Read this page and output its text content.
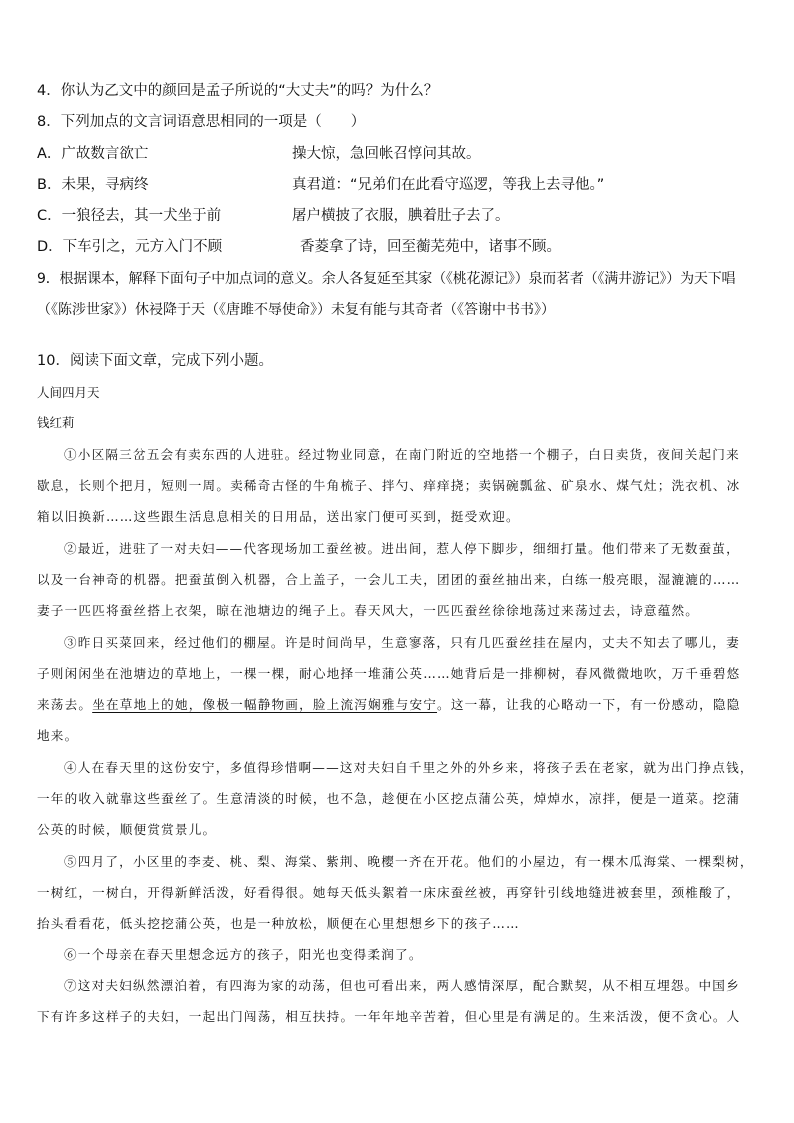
4．你认为乙文中的颜回是孟子所说的“大丈夫”的吗？为什么？
8．下列加点的文言词语意思相同的一项是（　　）
A．广故数言欲亡	操大惊，急回帐召惇问其故。
B．未果，寻病终	真君道：“兄弟们在此看守巡逻，等我上去寻他。”
C．一狼径去，其一犬坐于前	屠户横披了衣服，腆着肚子去了。
D．下车引之，元方入门不顾	香菱拿了诗，回至蘅芜苑中，诸事不顾。
9．根据课本，解释下面句子中加点词的意义。余人各复延至其家（《桃花源记》）泉而茗者（《满井游记》）为天下唱
（《陈涉世家》）休祲降于天（《唐雎不辱使命》）未复有能与其奇者（《答谢中书书》）
10．阅读下面文章，完成下列小题。
人间四月天
钱红莉
①小区隔三岔五会有卖东西的人进驻。经过物业同意，在南门附近的空地搭一个棚子，白日卖货，夜间关起门来
歇息，长则个把月，短则一周。卖稀奇古怪的牛角梳子、拌勺、痒痒挠；卖锅碗瓢盆、矿泉水、煤气灶；洗衣机、冰
箱以旧换新……这些跟生活息息相关的日用品，送出家门便可买到，挺受欢迎。
②最近，进驻了一对夫妇——代客现场加工蚕丝被。进出间，惹人停下脚步，细细打量。他们带来了无数蚕茧，
以及一台神奇的机器。把蚕茧倒入机器，合上盖子，一会儿工夫，团团的蚕丝抽出来，白练一般亮眼，湿漉漉的……
妻子一匹匹将蚕丝搭上衣架，晾在池塘边的绳子上。春天风大，一匹匹蚕丝徐徐地荡过来荡过去，诗意蕴然。
③昨日买菜回来，经过他们的棚屋。许是时间尚早，生意寥落，只有几匹蚕丝挂在屋内，丈夫不知去了哪儿，妻
子则闲闲坐在池塘边的草地上，一棵一棵，耐心地择一堆蒲公英……她背后是一排柳树，春风微微地吹，万千垂碧悠
来荡去。坐在草地上的她，像极一幅静物画，脸上流泻娴雅与安宁。这一幕，让我的心略动一下，有一份感动，隐隐
地来。
④人在春天里的这份安宁，多值得珍惜啊——这对夫妇自千里之外的外乡来，将孩子丢在老家，就为出门挣点钱，
一年的收入就靠这些蚕丝了。生意清淡的时候，也不急，趁便在小区挖点蒲公英，焯焯水，凉拌，便是一道菜。挖蒲
公英的时候，顺便赏赏景儿。
⑤四月了，小区里的李麦、桃、梨、海棠、紫荆、晚樱一齐在开花。他们的小屋边，有一棵木瓜海棠、一棵梨树，
一树红，一树白，开得新鲜活泼，好看得很。她每天低头絮着一床床蚕丝被，再穿针引线地缝进被套里，颈椎酸了，
抬头看看花，低头挖挖蒲公英，也是一种放松，顺便在心里想想乡下的孩子……
⑥一个母亲在春天里想念远方的孩子，阳光也变得柔润了。
⑦这对夫妇纵然漂泊着，有四海为家的动荡，但也可看出来，两人感情深厚，配合默契，从不相互埋怨。中国乡
下有许多这样子的夫妇，一起出门闯荡，相互扶持。一年年地辛苦着，但心里是有满足的。生来活泼，便不贪心。人
